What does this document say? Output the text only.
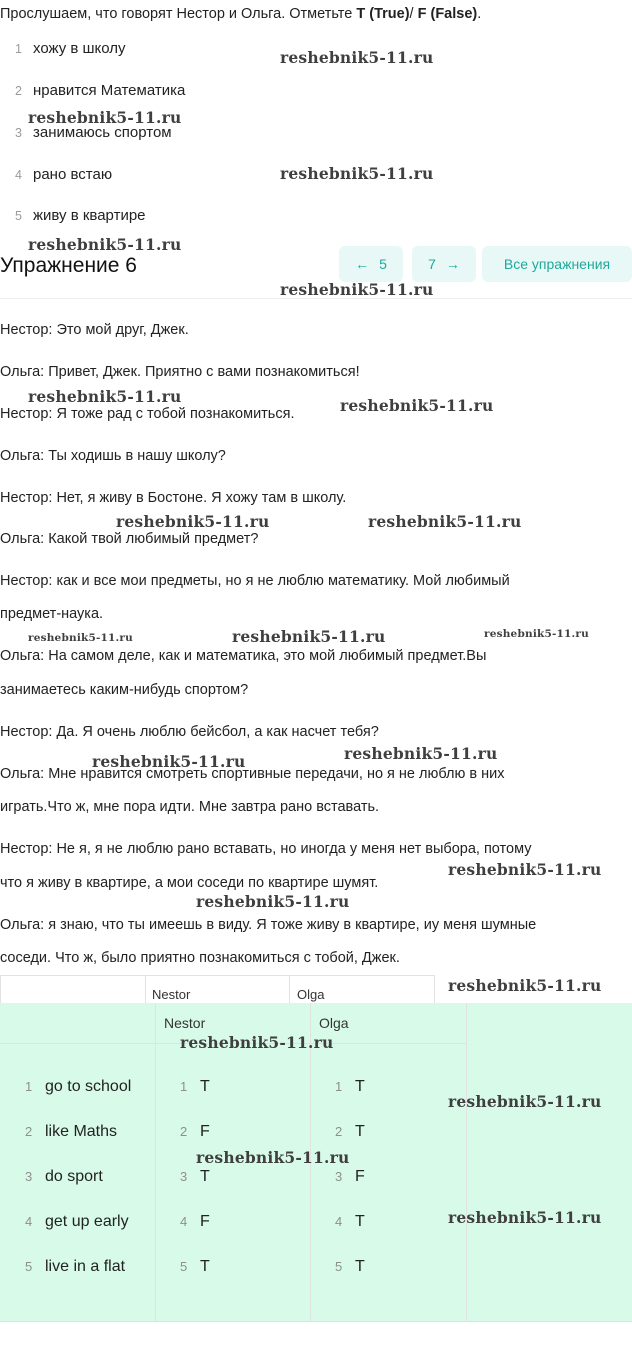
Прослушаем, что говорят Нестор и Ольга. Отметьте T (True)/ F (False).
1 хожу в школу
2 нравится Математика
3 занимаюсь спортом
4 рано встаю
5 живу в квартире
Упражнение 6	← 5	7 →	Все упражнения
Нестор: Это мой друг, Джек.
Ольга: Привет, Джек. Приятно с вами познакомиться!
Нестор: Я тоже рад с тобой познакомиться.
Ольга: Ты ходишь в нашу школу?
Нестор: Нет, я живу в Бостоне. Я хожу там в школу.
Ольга: Какой твой любимый предмет?
Нестор: как и все мои предметы, но я не люблю математику. Мой любимый
предмет-наука.
Ольга: На самом деле, как и математика, это мой любимый предмет.Вы
занимаетесь каким-нибудь спортом?
Нестор: Да. Я очень люблю бейсбол, а как насчет тебя?
Ольга: Мне нравится смотреть спортивные передачи, но я не люблю в них
играть.Что ж, мне пора идти. Мне завтра рано вставать.
Нестор: Не я, я не люблю рано вставать, но иногда у меня нет выбора, потому
что я живу в квартире, а мои соседи по квартире шумят.
Ольга: я знаю, что ты имеешь в виду. Я тоже живу в квартире, иу меня шумные
соседи. Что ж, было приятно познакомиться с тобой, Джек.
Nestor	Olga
Nestor	Olga
1 go to school	1 T	1 T
2 like Maths	2 F	2 T
3 do sport	3 T	3 F
4 get up early	4 F	4 T
5 live in a flat	5 T	5 T
reshebnik5-11.ru
reshebnik5-11.ru
reshebnik5-11.ru
reshebnik5-11.ru
reshebnik5-11.ru
reshebnik5-11.ru	reshebnik5-11.ru
reshebnik5-11.ru	reshebnik5-11.ru
reshebnik5-11.ru	reshebnik5-11.ru	reshebnik5-11.ru
reshebnik5-11.ru
reshebnik5-11.ru
reshebnik5-11.ru
reshebnik5-11.ru
reshebnik5-11.ru
reshebnik5-11.ru
reshebnik5-11.ru
reshebnik5-11.ru
reshebnik5-11.ru
